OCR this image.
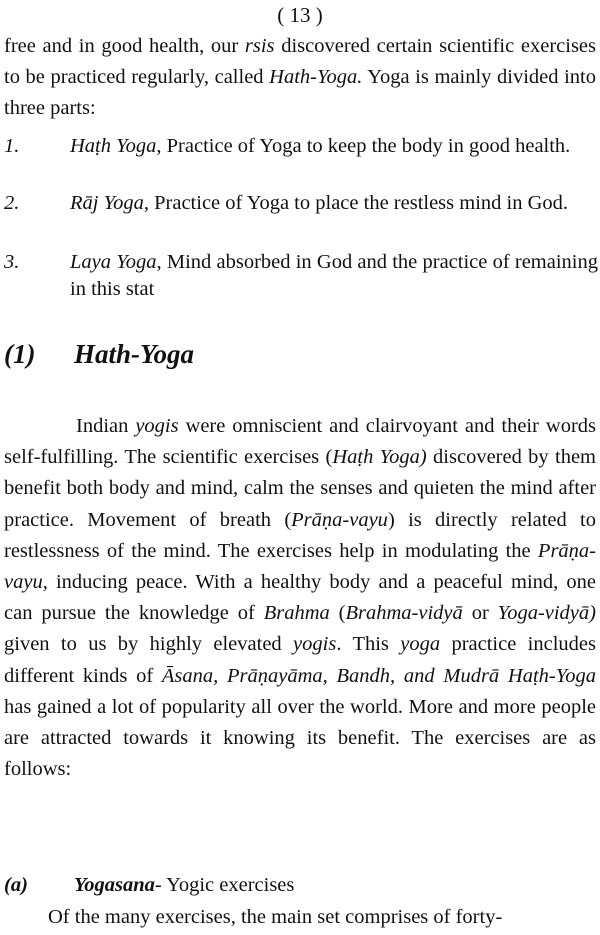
( 13 )
free and in good health, our rsis discovered certain scientific exercises to be practiced regularly, called Hath-Yoga. Yoga is mainly divided into three parts:
1. Haṭh Yoga, Practice of Yoga to keep the body in good health.
2. Rāj Yoga, Practice of Yoga to place the restless mind in God.
3. Laya Yoga, Mind absorbed in God and the practice of remaining in this stat
(1) Hath-Yoga
Indian yogis were omniscient and clairvoyant and their words self-fulfilling. The scientific exercises (Haṭh Yoga) discovered by them benefit both body and mind, calm the senses and quieten the mind after practice. Movement of breath (Prāṇa-vayu) is directly related to restlessness of the mind. The exercises help in modulating the Prāṇa-vayu, inducing peace. With a healthy body and a peaceful mind, one can pursue the knowledge of Brahma (Brahma-vidyā or Yoga-vidyā) given to us by highly elevated yogis. This yoga practice includes different kinds of Āsana, Prāṇayāma, Bandh, and Mudrā Haṭh-Yoga has gained a lot of popularity all over the world. More and more people are attracted towards it knowing its benefit. The exercises are as follows:
(a) Yogasana- Yogic exercises
Of the many exercises, the main set comprises of forty-
